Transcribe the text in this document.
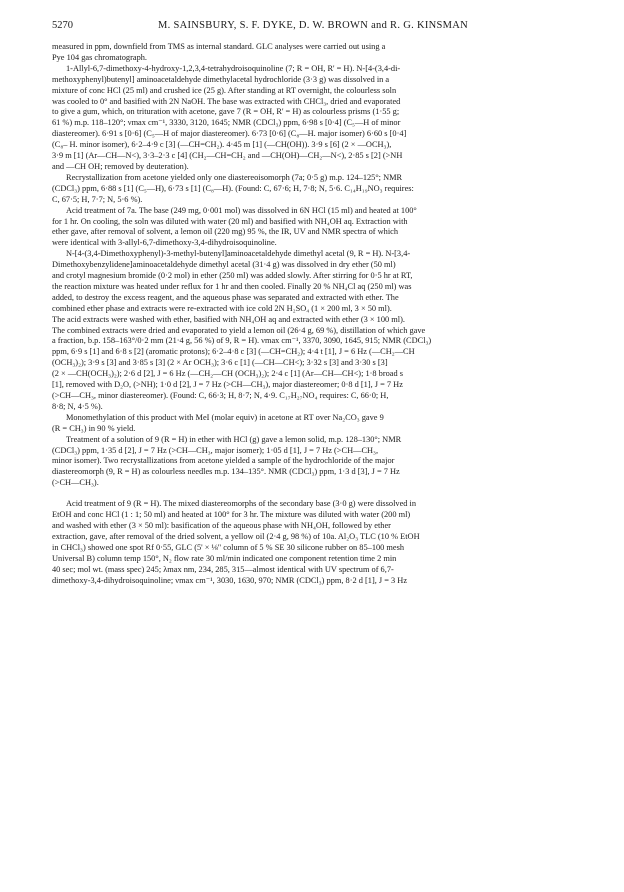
5270	M. SAINSBURY, S. F. DYKE, D. W. BROWN and R. G. KINSMAN

measured in ppm, downfield from TMS as internal standard. GLC analyses were carried out using a
Pye 104 gas chromatograph.

1-Allyl-6,7-dimethoxy-4-hydroxy-1,2,3,4-tetrahydroisoquinoline (7; R = OH, R' = H). N-[4-(3,4-di-
methoxyphenyl)butenyl] aminoacetaldehyde dimethylacetal hydrochloride (3·3 g) was dissolved in a
mixture of conc HCl (25 ml) and crushed ice (25 g). After standing at RT overnight, the colourless soln
was cooled to 0° and basified with 2N NaOH. The base was extracted with CHCl₃, dried and evaporated
to give a gum, which, on trituration with acetone, gave 7 (R = OH, R' = H) as colourless prisms (1·55 g;
61 %) m.p. 118–120°; νmax cm⁻¹, 3330, 3120, 1645; NMR (CDCl₃) ppm, 6·98 s [0·4] (C₅—H of minor
diastereomer). 6·91 s [0·6] (C₅—H of major diastereomer). 6·73 [0·6] (C₈—H. major isomer) 6·60 s [0·4]
(C₈– H. minor isomer), 6·2–4·9 c [3] (—CH=CH₂). 4·45 m [1] (—CH(OH)). 3·9 s [6] (2 × —OCH₃),
3·9 m [1] (Ar—CH—N<), 3·3–2·3 c [4] (CH₂—CH=CH₂ and —CH(OH)—CH₂—N<), 2·85 s [2] (>NH
and —CH OH; removed by deuteration).

Recrystallization from acetone yielded only one diastereoisomorph (7a; 0·5 g) m.p. 124–125°; NMR
(CDCl₃) ppm, 6·88 s [1] (C₅—H), 6·73 s [1] (C₈—H). (Found: C, 67·6; H, 7·8; N, 5·6. C₁₄H₁₉NO₃ requires:
C, 67·5; H, 7·7; N, 5·6 %).

Acid treatment of 7a. The base (249 mg, 0·001 mol) was dissolved in 6N HCl (15 ml) and heated at 100°
for 1 hr. On cooling, the soln was diluted with water (20 ml) and basified with NH₄OH aq. Extraction with
ether gave, after removal of solvent, a lemon oil (220 mg) 95 %, the IR, UV and NMR spectra of which
were identical with 3-allyl-6,7-dimethoxy-3,4-dihydroisoquinoline.

N-[4-(3,4-Dimethoxyphenyl)-3-methyl-butenyl]aminoacetaldehyde dimethyl acetal (9, R = H). N-[3,4-
Dimethoxybenzylidene]aminoacetaldehyde dimethyl acetal (31·4 g) was dissolved in dry ether (50 ml)
and crotyl magnesium bromide (0·2 mol) in ether (250 ml) was added slowly. After stirring for 0·5 hr at RT,
the reaction mixture was heated under reflux for 1 hr and then cooled. Finally 20 % NH₄Cl aq (250 ml) was
added, to destroy the excess reagent, and the aqueous phase was separated and extracted with ether. The
combined ether phase and extracts were re-extracted with ice cold 2N H₂SO₄ (1 × 200 ml, 3 × 50 ml).
The acid extracts were washed with ether, basified with NH₄OH aq and extracted with ether (3 × 100 ml).
The combined extracts were dried and evaporated to yield a lemon oil (26·4 g, 69 %), distillation of which gave
a fraction, b.p. 158–163°/0·2 mm (21·4 g, 56 %) of 9, R = H). νmax cm⁻¹, 3370, 3090, 1645, 915; NMR (CDCl₃)
ppm, 6·9 s [1] and 6·8 s [2] (aromatic protons); 6·2–4·8 c [3] (—CH=CH₂); 4·4 t [1], J = 6 Hz (—CH₂—CH
(OCH₃)₂); 3·9 s [3] and 3·85 s [3] (2 × Ar OCH₃); 3·6 c [1] (—CH—CH<); 3·32 s [3] and 3·30 s [3]
(2 × —CH(OCH₃)₂); 2·6 d [2], J = 6 Hz (—CH₂—CH (OCH₃)₂); 2·4 c [1] (Ar—CH—CH<); 1·8 broad s
[1], removed with D₂O, (>NH); 1·0 d [2], J = 7 Hz (>CH—CH₃), major diastereomer; 0·8 d [1], J = 7 Hz
(>CH—CH₃, minor diastereomer). (Found: C, 66·3; H, 8·7; N, 4·9. C₁₇H₂₇NO₄ requires: C, 66·0; H,
8·8; N, 4·5 %).

Monomethylation of this product with MeI (molar equiv) in acetone at RT over Na₂CO₃ gave 9
(R = CH₃) in 90 % yield.

Treatment of a solution of 9 (R = H) in ether with HCl (g) gave a lemon solid, m.p. 128–130°; NMR
(CDCl₃) ppm, 1·35 d [2], J = 7 Hz (>CH—CH₃, major isomer); 1·05 d [1], J = 7 Hz (>CH—CH₃,
minor isomer). Two recrystallizations from acetone yielded a sample of the hydrochloride of the major
diastereomorph (9, R = H) as colourless needles m.p. 134–135°. NMR (CDCl₃) ppm, 1·3 d [3], J = 7 Hz
(>CH—CH₃).

Acid treatment of 9 (R = H). The mixed diastereomorphs of the secondary base (3·0 g) were dissolved in
EtOH and conc HCl (1 : 1; 50 ml) and heated at 100° for 3 hr. The mixture was diluted with water (200 ml)
and washed with ether (3 × 50 ml): basification of the aqueous phase with NH₄OH, followed by ether
extraction, gave, after removal of the dried solvent, a yellow oil (2·4 g, 98 %) of 10a. Al₂O₃ TLC (10 % EtOH
in CHCl₃) showed one spot Rf 0·55, GLC (5' × ⅛" column of 5 % SE 30 silicone rubber on 85–100 mesh
Universal B) column temp 150°, N₂ flow rate 30 ml/min indicated one component retention time 2 min
40 sec; mol wt. (mass spec) 245; λmax nm, 234, 285, 315—almost identical with UV spectrum of 6,7-
dimethoxy-3,4-dihydroisoquinoline; νmax cm⁻¹, 3030, 1630, 970; NMR (CDCl₃) ppm, 8·2 d [1], J = 3 Hz
